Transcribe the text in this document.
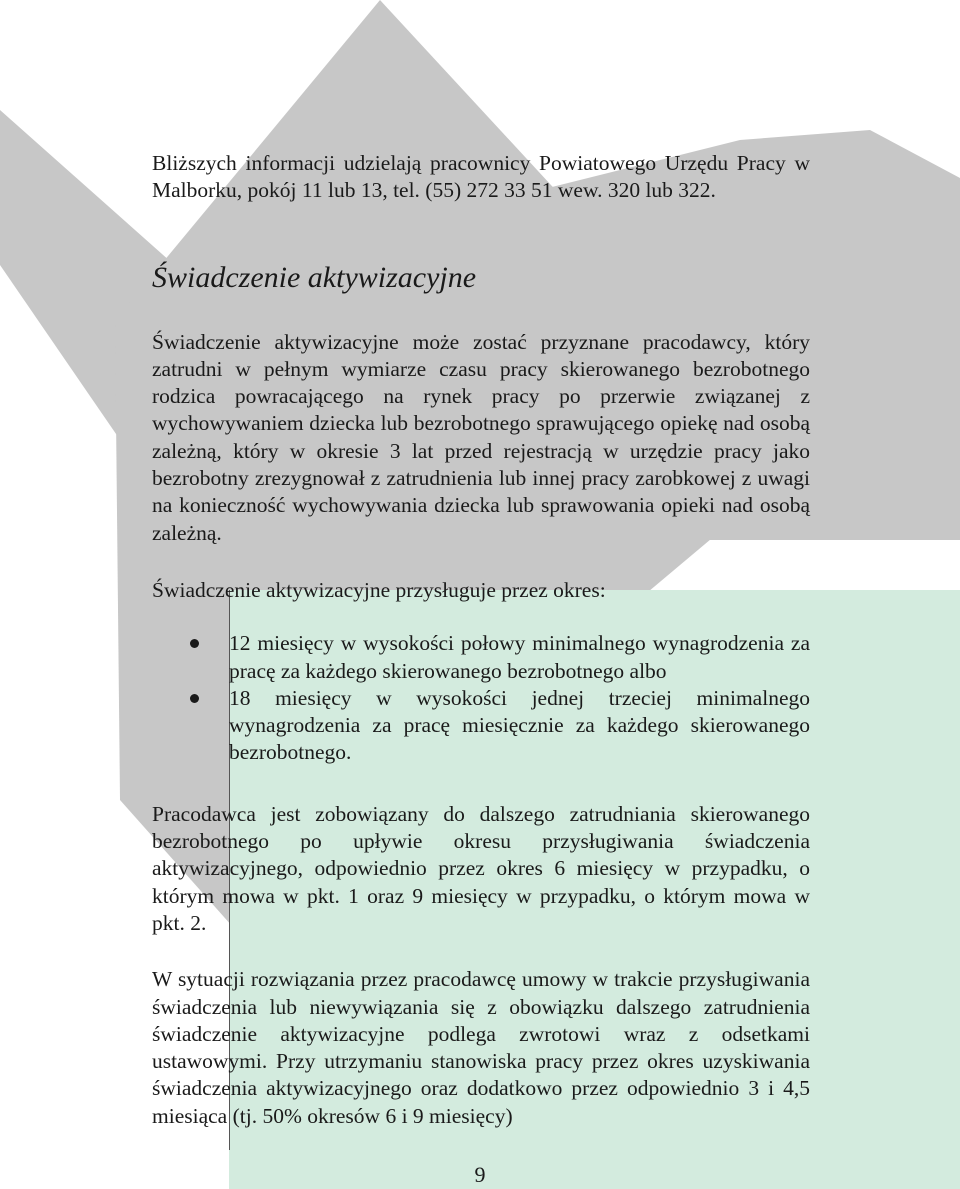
Bliższych informacji udzielają pracownicy Powiatowego Urzędu Pracy w Malborku, pokój 11 lub 13, tel. (55) 272 33 51 wew. 320 lub 322.

Świadczenie aktywizacyjne

Świadczenie aktywizacyjne może zostać przyznane pracodawcy, który zatrudni w pełnym wymiarze czasu pracy skierowanego bezrobotnego rodzica powracającego na rynek pracy po przerwie związanej z wychowywaniem dziecka lub bezrobotnego sprawującego opiekę nad osobą zależną, który w okresie 3 lat przed rejestracją w urzędzie pracy jako bezrobotny zrezygnował z zatrudnienia lub innej pracy zarobkowej z uwagi na konieczność wychowywania dziecka lub sprawowania opieki nad osobą zależną.

Świadczenie aktywizacyjne przysługuje przez okres:

12 miesięcy w wysokości połowy minimalnego wynagrodzenia za pracę za każdego skierowanego bezrobotnego albo
18 miesięcy w wysokości jednej trzeciej minimalnego wynagrodzenia za pracę miesięcznie za każdego skierowanego bezrobotnego.

Pracodawca jest zobowiązany do dalszego zatrudniania skierowanego bezrobotnego po upływie okresu przysługiwania świadczenia aktywizacyjnego, odpowiednio przez okres 6 miesięcy w przypadku, o którym mowa w pkt. 1 oraz 9 miesięcy w przypadku, o którym mowa w pkt. 2.

W sytuacji rozwiązania przez pracodawcę umowy w trakcie przysługiwania świadczenia lub niewywiązania się z obowiązku dalszego zatrudnienia świadczenie aktywizacyjne podlega zwrotowi wraz z odsetkami ustawowymi. Przy utrzymaniu stanowiska pracy przez okres uzyskiwania świadczenia aktywizacyjnego oraz dodatkowo przez odpowiednio 3 i 4,5 miesiąca (tj. 50% okresów 6 i 9 miesięcy)

9
